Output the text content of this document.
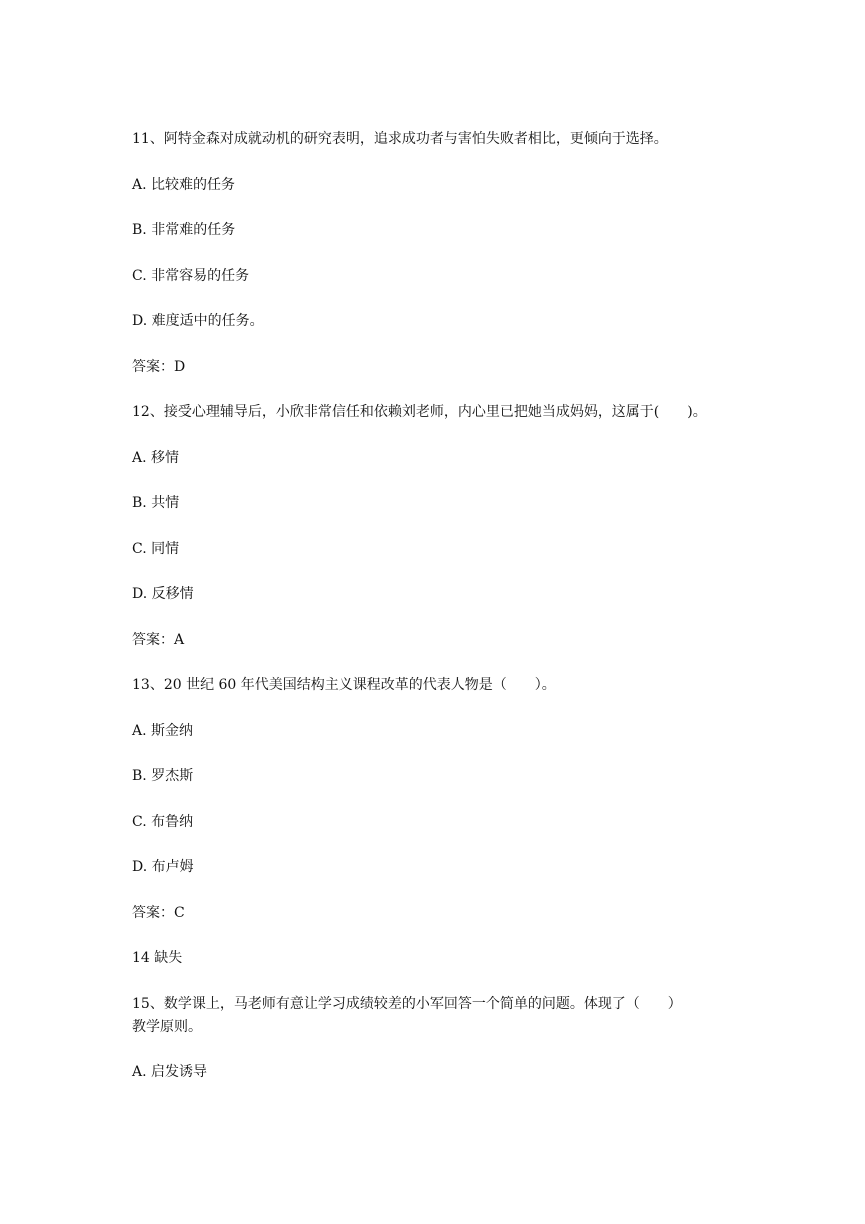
11、阿特金森对成就动机的研究表明，追求成功者与害怕失败者相比，更倾向于选择。
A. 比较难的任务
B. 非常难的任务
C. 非常容易的任务
D. 难度适中的任务。
答案：D
12、接受心理辅导后，小欣非常信任和依赖刘老师，内心里已把她当成妈妈，这属于(　　)。
A. 移情
B. 共情
C. 同情
D. 反移情
答案：A
13、20 世纪 60 年代美国结构主义课程改革的代表人物是（　　）。
A. 斯金纳
B. 罗杰斯
C. 布鲁纳
D. 布卢姆
答案：C
14 缺失
15、数学课上，马老师有意让学习成绩较差的小军回答一个简单的问题。体现了（　　）
教学原则。
A. 启发诱导
